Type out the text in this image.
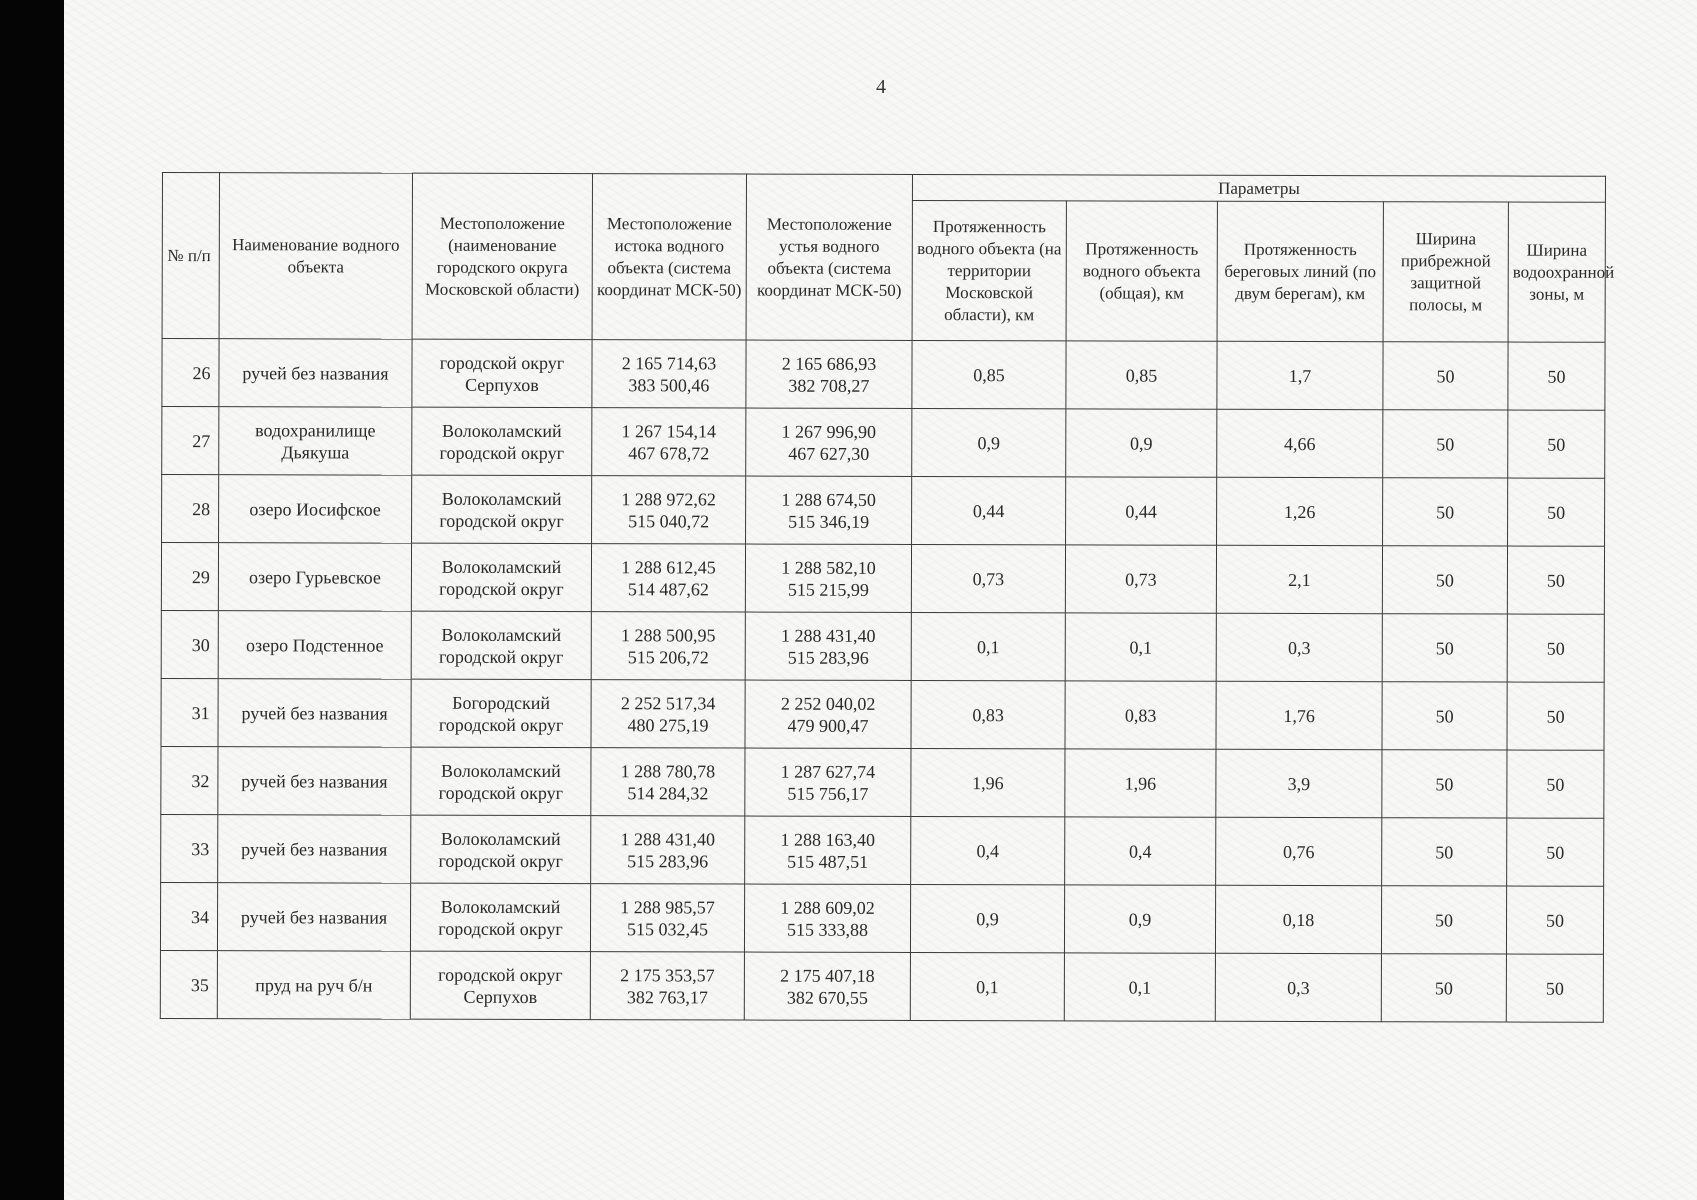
4
№ п/п	Наименование водного объекта	Местоположение (наименование городского округа Московской области)	Местоположение истока водного объекта (система координат МСК-50)	Местоположение устья водного объекта (система координат МСК-50)	Параметры				
					Протяженность водного объекта (на территории Московской области), км	Протяженность водного объекта (общая), км	Протяженность береговых линий (по двум берегам), км	Ширина прибрежной защитной полосы, м	Ширина водоохранной зоны, м
26	ручей без названия	городской округ Серпухов	2 165 714,63
383 500,46	2 165 686,93
382 708,27	0,85	0,85	1,7	50	50
27	водохранилище Дьякуша	Волоколамский городской округ	1 267 154,14
467 678,72	1 267 996,90
467 627,30	0,9	0,9	4,66	50	50
28	озеро Иосифское	Волоколамский городской округ	1 288 972,62
515 040,72	1 288 674,50
515 346,19	0,44	0,44	1,26	50	50
29	озеро Гурьевское	Волоколамский городской округ	1 288 612,45
514 487,62	1 288 582,10
515 215,99	0,73	0,73	2,1	50	50
30	озеро Подстенное	Волоколамский городской округ	1 288 500,95
515 206,72	1 288 431,40
515 283,96	0,1	0,1	0,3	50	50
31	ручей без названия	Богородский городской округ	2 252 517,34
480 275,19	2 252 040,02
479 900,47	0,83	0,83	1,76	50	50
32	ручей без названия	Волоколамский городской округ	1 288 780,78
514 284,32	1 287 627,74
515 756,17	1,96	1,96	3,9	50	50
33	ручей без названия	Волоколамский городской округ	1 288 431,40
515 283,96	1 288 163,40
515 487,51	0,4	0,4	0,76	50	50
34	ручей без названия	Волоколамский городской округ	1 288 985,57
515 032,45	1 288 609,02
515 333,88	0,9	0,9	0,18	50	50
35	пруд на руч б/н	городской округ Серпухов	2 175 353,57
382 763,17	2 175 407,18
382 670,55	0,1	0,1	0,3	50	50
